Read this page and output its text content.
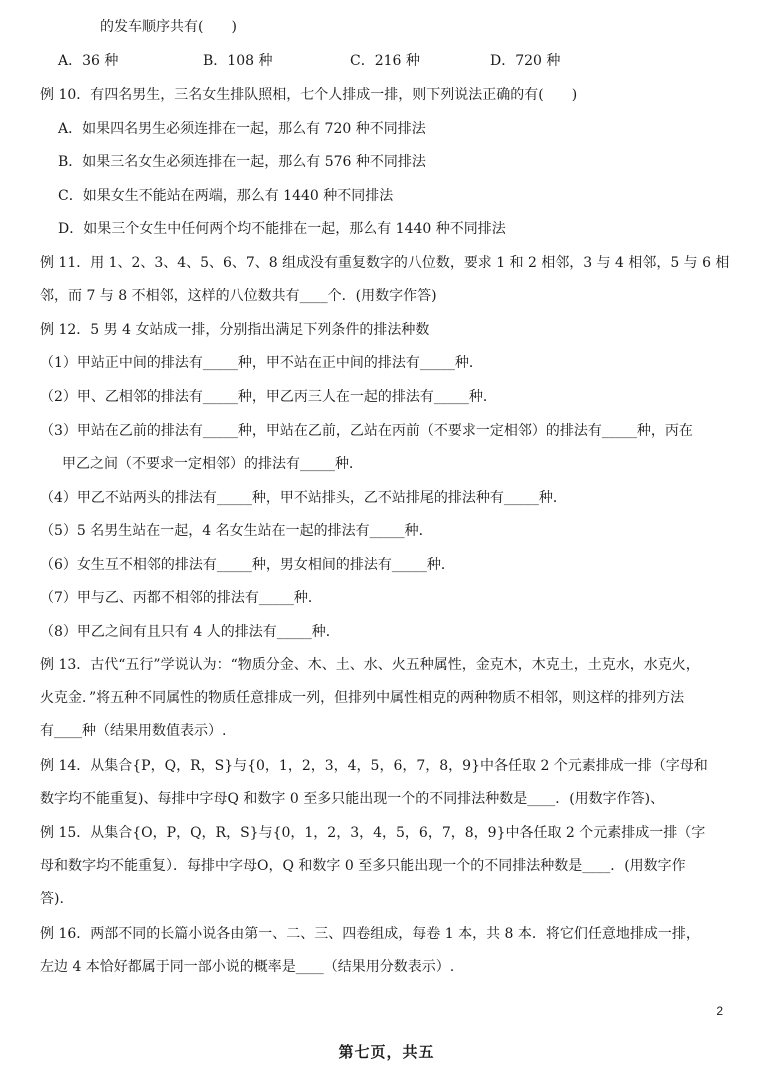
的发车顺序共有(　　)
A．36 种	B．108 种	C．216 种	D．720 种
例 10．有四名男生，三名女生排队照相，七个人排成一排，则下列说法正确的有(　　)
A．如果四名男生必须连排在一起，那么有 720 种不同排法
B．如果三名女生必须连排在一起，那么有 576 种不同排法
C．如果女生不能站在两端，那么有 1440 种不同排法
D．如果三个女生中任何两个均不能排在一起，那么有 1440 种不同排法
例 11．用 1、2、3、4、5、6、7、8 组成没有重复数字的八位数，要求 1 和 2 相邻，3 与 4 相邻，5 与 6 相
邻，而 7 与 8 不相邻，这样的八位数共有____个．(用数字作答)
例 12．5 男 4 女站成一排，分别指出满足下列条件的排法种数
（1）甲站正中间的排法有_____种，甲不站在正中间的排法有_____种．
（2）甲、乙相邻的排法有_____种，甲乙丙三人在一起的排法有_____种．
（3）甲站在乙前的排法有_____种，甲站在乙前，乙站在丙前（不要求一定相邻）的排法有_____种，丙在
甲乙之间（不要求一定相邻）的排法有_____种．
（4）甲乙不站两头的排法有_____种，甲不站排头，乙不站排尾的排法种有_____种．
（5）5 名男生站在一起，4 名女生站在一起的排法有_____种．
（6）女生互不相邻的排法有_____种，男女相间的排法有_____种．
（7）甲与乙、丙都不相邻的排法有_____种．
（8）甲乙之间有且只有 4 人的排法有_____种．
例 13．古代“五行”学说认为：“物质分金、木、土、水、火五种属性，金克木，木克土，土克水，水克火，
火克金．”将五种不同属性的物质任意排成一列，但排列中属性相克的两种物质不相邻，则这样的排列方法
有____种（结果用数值表示）.
例 14．从集合{P，Q，R，S}与{0，1，2，3，4，5，6，7，8，9}中各任取 2 个元素排成一排（字母和
数字均不能重复)、每排中字母Q 和数字 0 至多只能出现一个的不同排法种数是____．(用数字作答)、
例 15．从集合{O，P，Q，R，S}与{0，1，2，3，4，5，6，7，8，9}中各任取 2 个元素排成一排（字
母和数字均不能重复）．每排中字母O，Q 和数字 0 至多只能出现一个的不同排法种数是____．(用数字作
答).
例 16．两部不同的长篇小说各由第一、二、三、四卷组成，每卷 1 本，共 8 本．将它们任意地排成一排，
左边 4 本恰好都属于同一部小说的概率是____（结果用分数表示）.
2
第七页，共五
